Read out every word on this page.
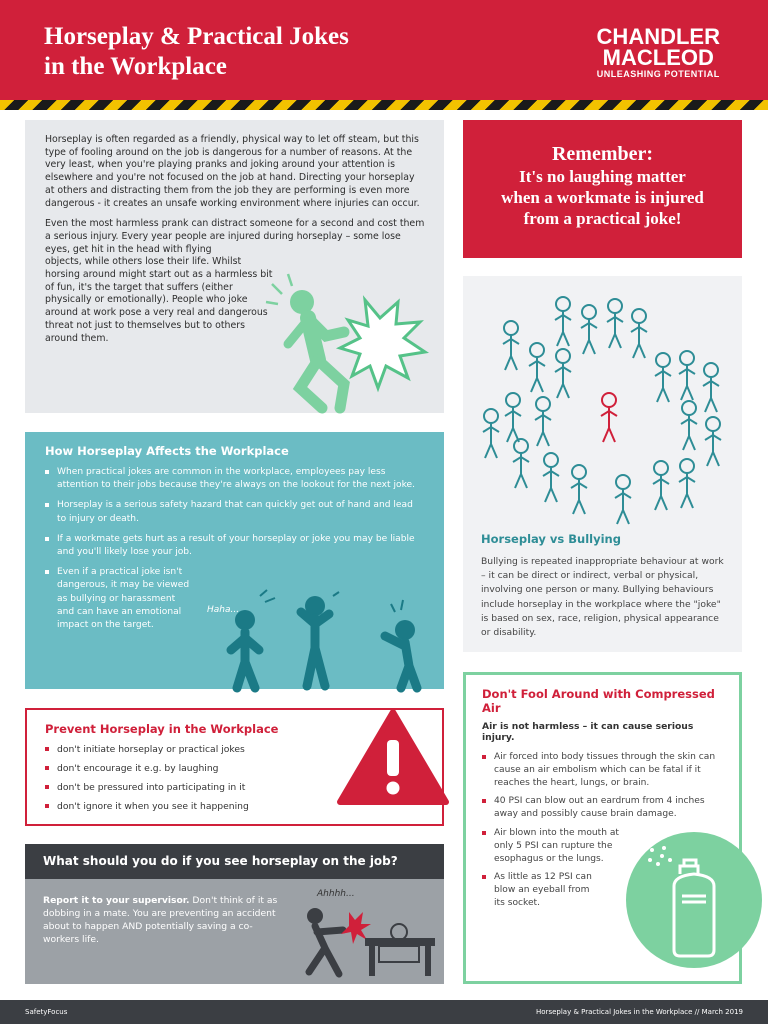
Horseplay & Practical Jokes
in the Workplace
CHANDLER
MACLEOD
UNLEASHING POTENTIAL

Horseplay is often regarded as a friendly, physical way to let off steam, but this type of fooling around on the job is dangerous for a number of reasons. At the very least, when you're playing pranks and joking around your attention is elsewhere and you're not focused on the job at hand. Directing your horseplay at others and distracting them from the job they are performing is even more dangerous - it creates an unsafe working environment where injuries can occur.

Even the most harmless prank can distract someone for a second and cost them a serious injury. Every year people are injured during horseplay – some lose eyes, get hit in the head with flying
objects, while others lose their life. Whilst horsing around might start out as a harmless bit of fun, it's the target that suffers (either physically or emotionally). People who joke around at work pose a very real and dangerous threat not just to themselves but to others around them.

Remember:
It's no laughing matter
when a workmate is injured
from a practical joke!
Horseplay vs Bullying

Bullying is repeated inappropriate behaviour at work – it can be direct or indirect, verbal or physical, involving one person or many. Bullying behaviours include horseplay in the workplace where the "joke" is based on sex, race, religion, physical appearance or disability.

How Horseplay Affects the Workplace
When practical jokes are common in the workplace, employees pay less attention to their jobs because they're always on the lookout for the next joke.
Horseplay is a serious safety hazard that can quickly get out of hand and lead to injury or death.
If a workmate gets hurt as a result of your horseplay or joke you may be liable and you'll likely lose your job.
Even if a practical joke isn't dangerous, it may be viewed as bullying or harassment and can have an emotional impact on the target.
Haha...
Prevent Horseplay in the Workplace
don't initiate horseplay or practical jokes
don't encourage it e.g. by laughing
don't be pressured into participating in it
don't ignore it when you see it happening
What should you do if you see horseplay on the job?

Report it to your supervisor. Don't think of it as dobbing in a mate. You are preventing an accident about to happen AND potentially saving a co-workers life.

Ahhhh...
Don't Fool Around with Compressed Air
Air is not harmless – it can cause serious injury.
Air forced into body tissues through the skin can cause an air embolism which can be fatal if it reaches the heart, lungs, or brain.
40 PSI can blow out an eardrum from 4 inches away and possibly cause brain damage.
Air blown into the mouth at only 5 PSI can rupture the esophagus or the lungs.
As little as 12 PSI can blow an eyeball from its socket.
SafetyFocus	Horseplay & Practical Jokes in the Workplace // March 2019
